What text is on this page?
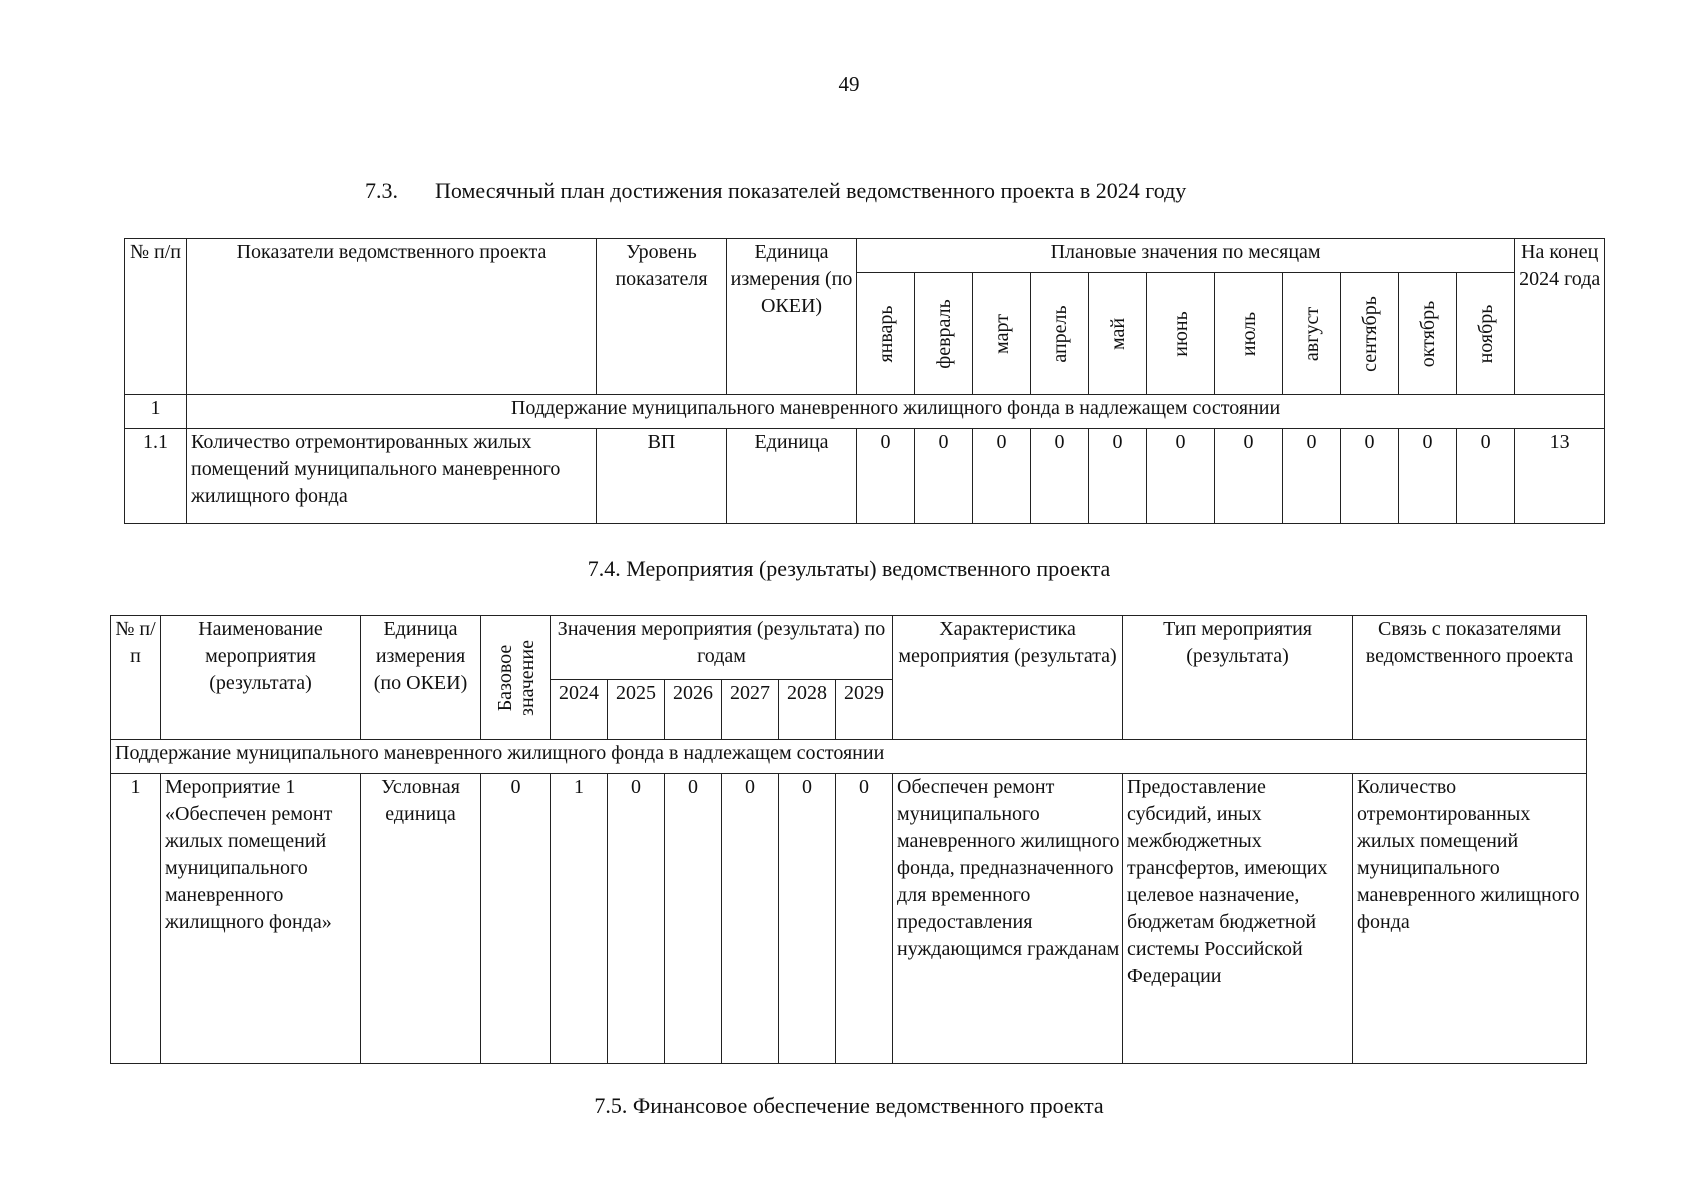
49
7.3. Помесячный план достижения показателей ведомственного проекта в 2024 году
№ п/п	Показатели ведомственного проекта	Уровень показателя	Единица измерения (по ОКЕИ)	Плановые значения по месяцам											На конец 2024 года

				январь	февраль	март	апрель	май	июнь	июль	август	сентябрь	октябрь	ноябрь	

1	Поддержание муниципального маневренного жилищного фонда в надлежащем состоянии														
1.1	Количество отремонтированных жилых помещений муниципального маневренного жилищного фонда	ВП	Единица	0	0	0	0	0	0	0	0	0	0	0	13
7.4. Мероприятия (результаты) ведомственного проекта
№ п/п	Наименование мероприятия (результата)	Единица измерения (по ОКЕИ)	Базовое значение	Значения мероприятия (результата) по годам						Характеристика мероприятия (результата)	Тип мероприятия (результата)	Связь с показателями ведомственного проекта
				2024	2025	2026	2027	2028	2029			
Поддержание муниципального маневренного жилищного фонда в надлежащем состоянии												
1	Мероприятие 1 «Обеспечен ремонт жилых помещений муниципального маневренного жилищного фонда»	Условная единица	0	1	0	0	0	0	0	Обеспечен ремонт муниципального маневренного жилищного фонда, предназначенного для временного предоставления нуждающимся гражданам	Предоставление субсидий, иных межбюджетных трансфертов, имеющих целевое назначение, бюджетам бюджетной системы Российской Федерации	Количество отремонтированных жилых помещений муниципального маневренного жилищного фонда
7.5. Финансовое обеспечение ведомственного проекта
